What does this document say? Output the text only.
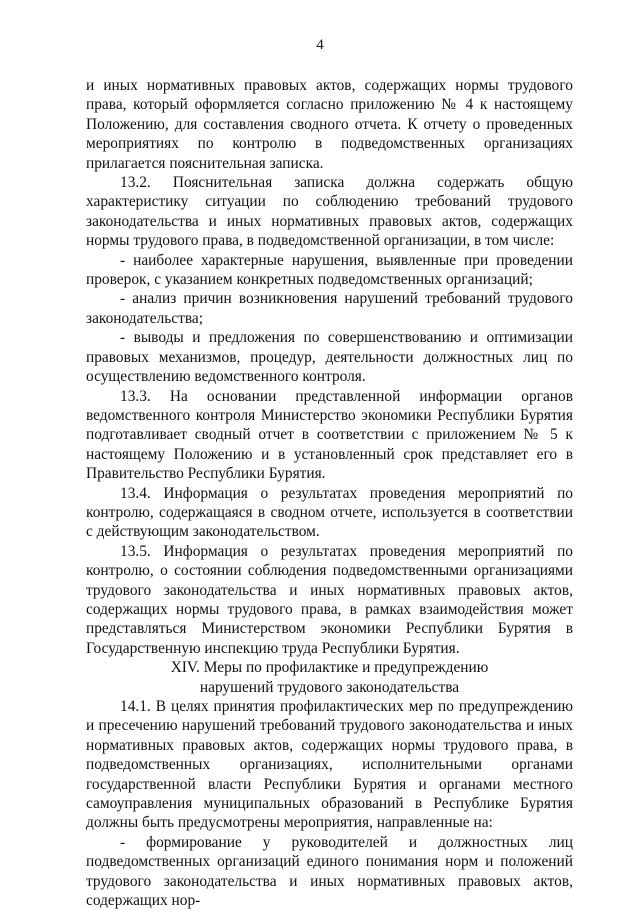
4

и иных нормативных правовых актов, содержащих нормы трудового права, который оформляется согласно приложению № 4 к настоящему Положению, для составления сводного отчета. К отчету о проведенных мероприятиях по контролю в подведомственных организациях прилагается пояснительная записка.

13.2. Пояснительная записка должна содержать общую характеристику ситуации по соблюдению требований трудового законодательства и иных нормативных правовых актов, содержащих нормы трудового права, в подведомственной организации, в том числе:

- наиболее характерные нарушения, выявленные при проведении проверок, с указанием конкретных подведомственных организаций;

- анализ причин возникновения нарушений требований трудового законодательства;

- выводы и предложения по совершенствованию и оптимизации правовых механизмов, процедур, деятельности должностных лиц по осуществлению ведомственного контроля.

13.3. На основании представленной информации органов ведомственного контроля Министерство экономики Республики Бурятия подготавливает сводный отчет в соответствии с приложением № 5 к настоящему Положению и в установленный срок представляет его в Правительство Республики Бурятия.

13.4. Информация о результатах проведения мероприятий по контролю, содержащаяся в сводном отчете, используется в соответствии с действующим законодательством.

13.5. Информация о результатах проведения мероприятий по контролю, о состоянии соблюдения подведомственными организациями трудового законодательства и иных нормативных правовых актов, содержащих нормы трудового права, в рамках взаимодействия может представляться Министерством экономики Республики Бурятия в Государственную инспекцию труда Республики Бурятия.

XIV. Меры по профилактике и предупреждению
нарушений трудового законодательства

14.1. В целях принятия профилактических мер по предупреждению и пресечению нарушений требований трудового законодательства и иных нормативных правовых актов, содержащих нормы трудового права, в подведомственных организациях, исполнительными органами государственной власти Республики Бурятия и органами местного самоуправления муниципальных образований в Республике Бурятия должны быть предусмотрены мероприятия, направленные на:

- формирование у руководителей и должностных лиц подведомственных организаций единого понимания норм и положений трудового законодательства и иных нормативных правовых актов, содержащих нор-
